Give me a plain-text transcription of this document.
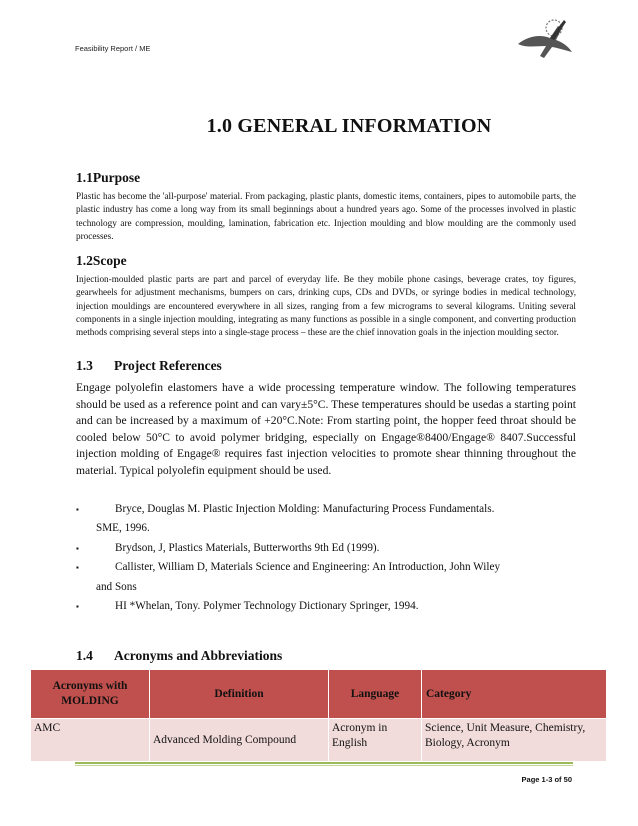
Feasibility Report / ME
1.0 GENERAL INFORMATION
1.1Purpose

Plastic has become the 'all-purpose' material. From packaging, plastic plants, domestic items, containers, pipes to automobile parts, the plastic industry has come a long way from its small beginnings about a hundred years ago. Some of the processes involved in plastic technology are compression, moulding, lamination, fabrication etc. Injection moulding and blow moulding are the commonly used processes.

1.2Scope

Injection-moulded plastic parts are part and parcel of everyday life. Be they mobile phone casings, beverage crates, toy figures, gearwheels for adjustment mechanisms, bumpers on cars, drinking cups, CDs and DVDs, or syringe bodies in medical technology, injection mouldings are encountered everywhere in all sizes, ranging from a few micrograms to several kilograms. Uniting several components in a single injection moulding, integrating as many functions as possible in a single component, and converting production methods comprising several steps into a single-stage process – these are the chief innovation goals in the injection moulding sector.

1.3 Project References

Engage polyolefin elastomers have a wide processing temperature window. The following temperatures should be used as a reference point and can vary±5°C. These temperatures should be usedas a starting point and can be increased by a maximum of +20°C.Note: From starting point, the hopper feed throat should be cooled below 50°C to avoid polymer bridging, especially on Engage®8400/Engage® 8407.Successful injection molding of Engage® requires fast injection velocities to promote shear thinning throughout the material. Typical polyolefin equipment should be used.

▪	Bryce, Douglas M. Plastic Injection Molding: Manufacturing Process Fundamentals.
SME, 1996.
▪	Brydson, J, Plastics Materials, Butterworths 9th Ed (1999).
▪	Callister, William D, Materials Science and Engineering: An Introduction, John Wiley
and Sons
▪	HI *Whelan, Tony. Polymer Technology Dictionary Springer, 1994.
1.4 Acronyms and Abbreviations
Acronyms with MOLDING	Definition	Language	Category
AMC	Advanced Molding Compound	Acronym in English	Science, Unit Measure, Chemistry, Biology, Acronym
Page 1-3 of 50
